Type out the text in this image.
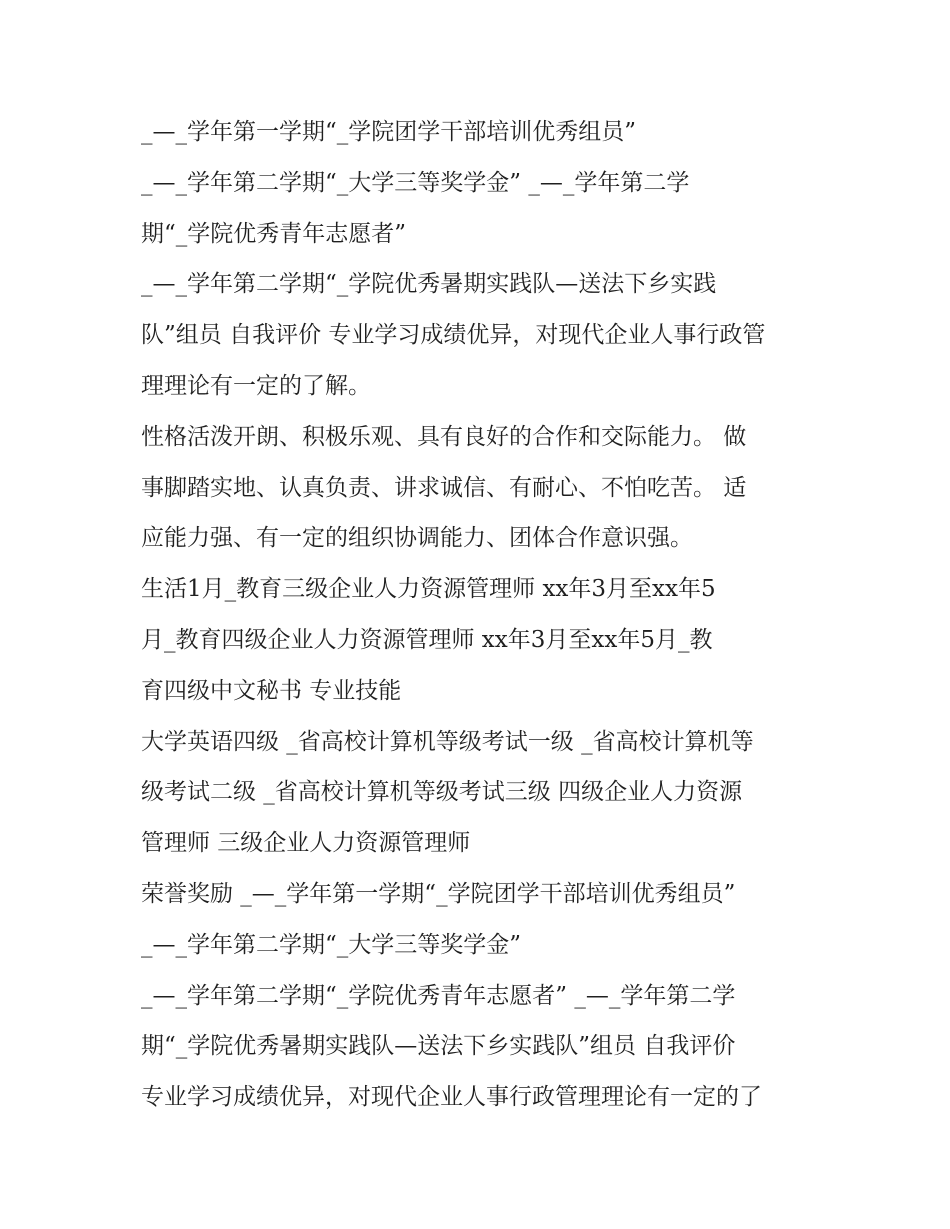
_—_学年第一学期“_学院团学干部培训优秀组员”
_—_学年第二学期“_大学三等奖学金” _—_学年第二学
期“_学院优秀青年志愿者”
_—_学年第二学期“_学院优秀暑期实践队—送法下乡实践
队”组员 自我评价 专业学习成绩优异，对现代企业人事行政管
理理论有一定的了解。
性格活泼开朗、积极乐观、具有良好的合作和交际能力。 做
事脚踏实地、认真负责、讲求诚信、有耐心、不怕吃苦。 适
应能力强、有一定的组织协调能力、团体合作意识强。
生活1月_教育三级企业人力资源管理师 xx年3月至xx年5
月_教育四级企业人力资源管理师 xx年3月至xx年5月_教
育四级中文秘书 专业技能
大学英语四级 _省高校计算机等级考试一级 _省高校计算机等
级考试二级 _省高校计算机等级考试三级 四级企业人力资源
管理师 三级企业人力资源管理师
荣誉奖励 _—_学年第一学期“_学院团学干部培训优秀组员”
_—_学年第二学期“_大学三等奖学金”
_—_学年第二学期“_学院优秀青年志愿者” _—_学年第二学
期“_学院优秀暑期实践队—送法下乡实践队”组员 自我评价
专业学习成绩优异，对现代企业人事行政管理理论有一定的了
